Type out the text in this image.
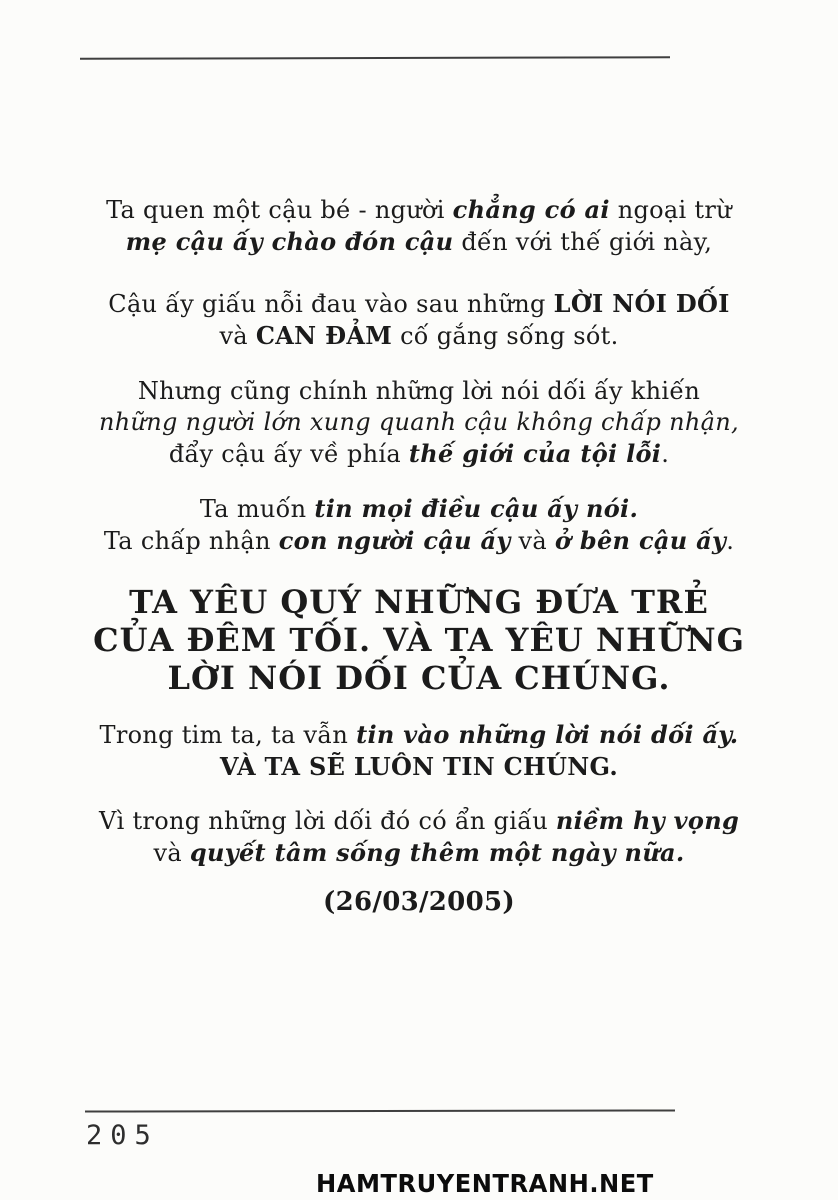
Ta quen một cậu bé - người chẳng có ai ngoại trừ
mẹ cậu ấy chào đón cậu đến với thế giới này,
Cậu ấy giấu nỗi đau vào sau những LỜI NÓI DỐI
và CAN ĐẢM cố gắng sống sót.
Nhưng cũng chính những lời nói dối ấy khiến
những người lớn xung quanh cậu không chấp nhận,
đẩy cậu ấy về phía thế giới của tội lỗi.
Ta muốn tin mọi điều cậu ấy nói.
Ta chấp nhận con người cậu ấy và ở bên cậu ấy.
TA YÊU QUÝ NHỮNG ĐỨA TRẺ
CỦA ĐÊM TỐI. VÀ TA YÊU NHỮNG
LỜI NÓI DỐI CỦA CHÚNG.
Trong tim ta, ta vẫn tin vào những lời nói dối ấy.
VÀ TA SẼ LUÔN TIN CHÚNG.
Vì trong những lời dối đó có ẩn giấu niềm hy vọng
và quyết tâm sống thêm một ngày nữa.
(26/03/2005)
205
HAMTRUYENTRANH.NET
